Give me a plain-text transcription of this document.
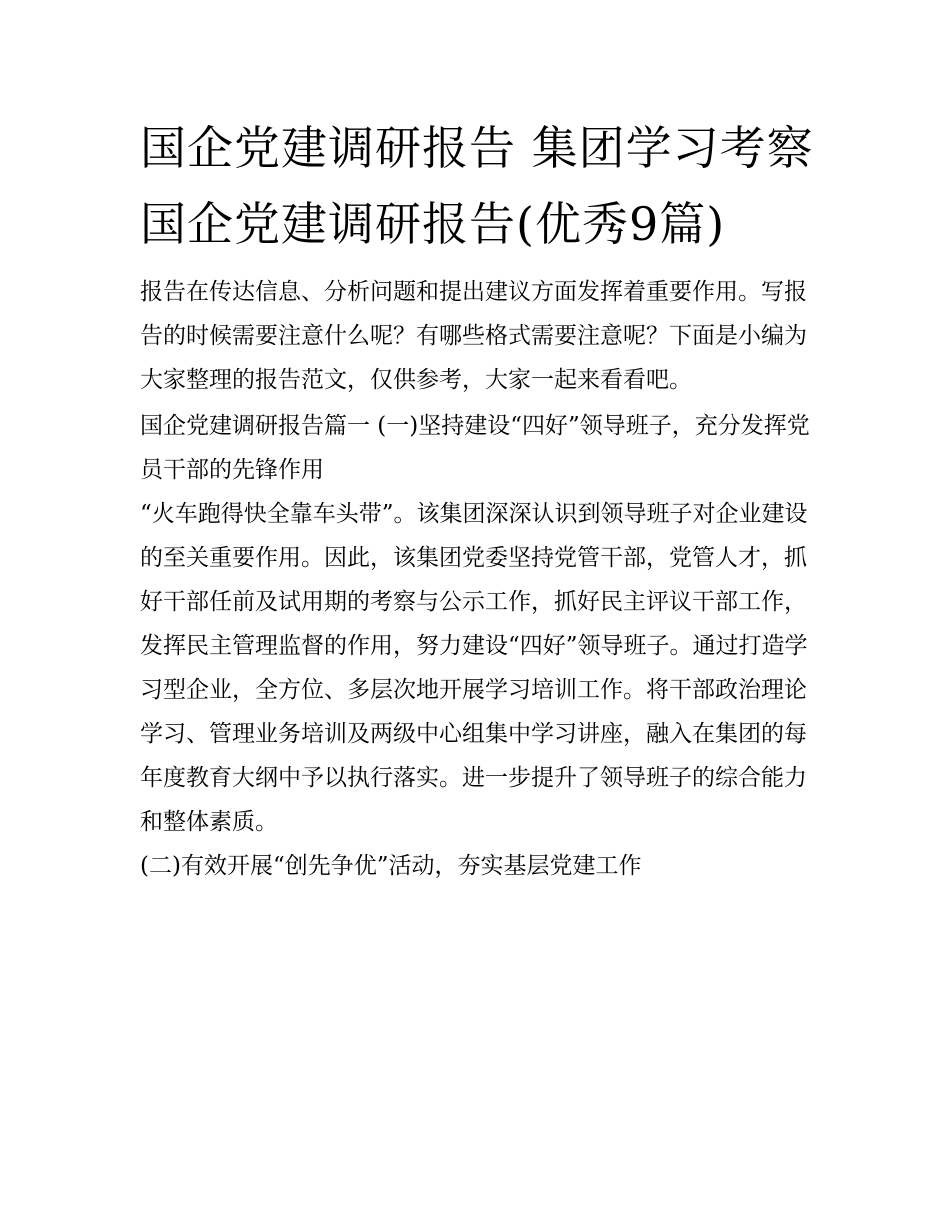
国企党建调研报告 集团学习考察国企党建调研报告(优秀9篇)

报告在传达信息、分析问题和提出建议方面发挥着重要作用。写报告的时候需要注意什么呢？有哪些格式需要注意呢？下面是小编为大家整理的报告范文，仅供参考，大家一起来看看吧。

国企党建调研报告篇一 (一)坚持建设“四好”领导班子，充分发挥党员干部的先锋作用

“火车跑得快全靠车头带”。该集团深深认识到领导班子对企业建设的至关重要作用。因此，该集团党委坚持党管干部，党管人才，抓好干部任前及试用期的考察与公示工作，抓好民主评议干部工作，发挥民主管理监督的作用，努力建设“四好”领导班子。通过打造学习型企业，全方位、多层次地开展学习培训工作。将干部政治理论学习、管理业务培训及两级中心组集中学习讲座，融入在集团的每年度教育大纲中予以执行落实。进一步提升了领导班子的综合能力和整体素质。

(二)有效开展“创先争优”活动，夯实基层党建工作
